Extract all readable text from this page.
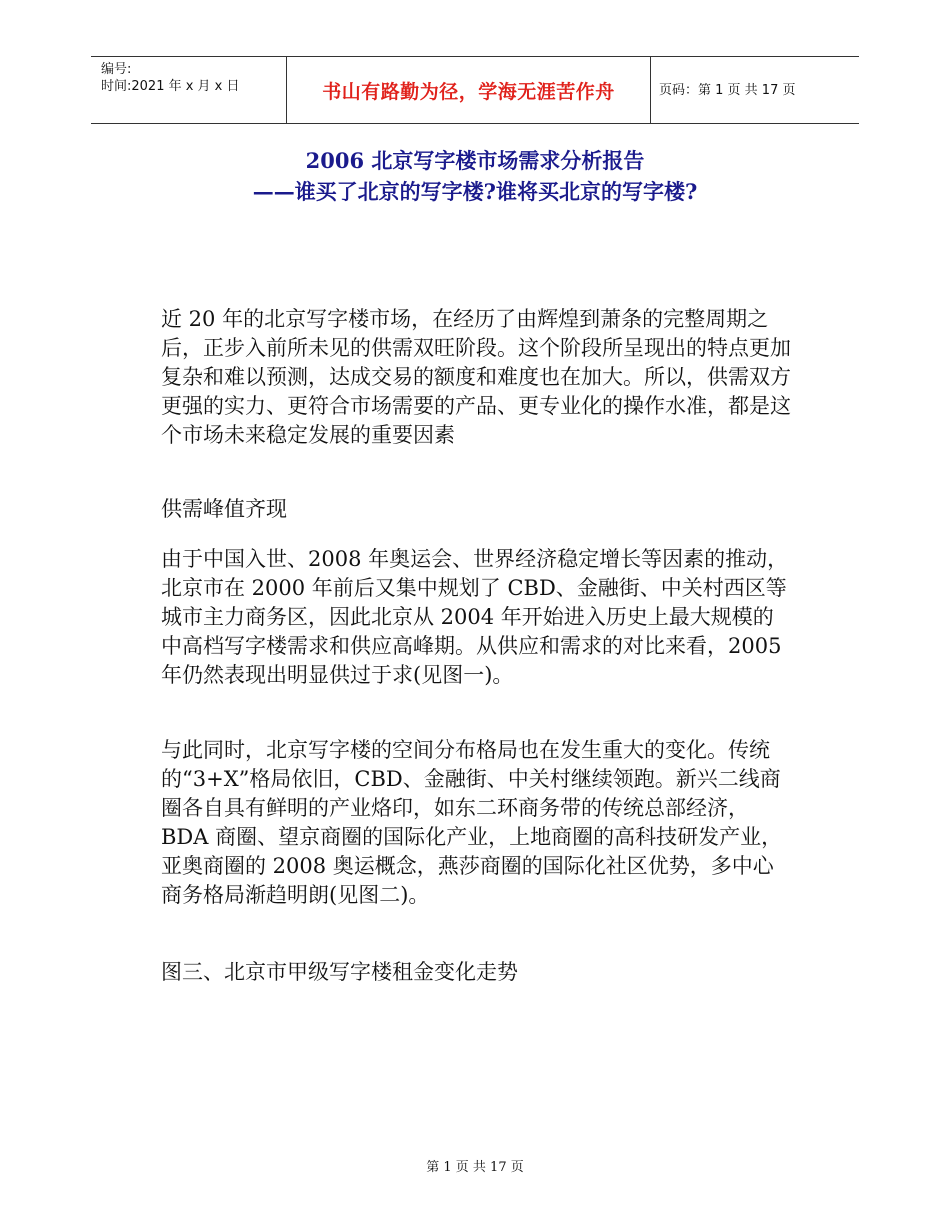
编号:
时间:2021 年 x 月 x 日	书山有路勤为径，学海无涯苦作舟	页码：第 1 页 共 17 页
2006 北京写字楼市场需求分析报告
——谁买了北京的写字楼?谁将买北京的写字楼?
近 20 年的北京写字楼市场，在经历了由辉煌到萧条的完整周期之后，正步入前所未见的供需双旺阶段。这个阶段所呈现出的特点更加复杂和难以预测，达成交易的额度和难度也在加大。所以，供需双方更强的实力、更符合市场需要的产品、更专业化的操作水准，都是这个市场未来稳定发展的重要因素
供需峰值齐现
由于中国入世、2008 年奥运会、世界经济稳定增长等因素的推动，北京市在 2000 年前后又集中规划了 CBD、金融街、中关村西区等城市主力商务区，因此北京从 2004 年开始进入历史上最大规模的中高档写字楼需求和供应高峰期。从供应和需求的对比来看，2005 年仍然表现出明显供过于求(见图一)。
与此同时，北京写字楼的空间分布格局也在发生重大的变化。传统的“3+X”格局依旧，CBD、金融街、中关村继续领跑。新兴二线商圈各自具有鲜明的产业烙印，如东二环商务带的传统总部经济，BDA 商圈、望京商圈的国际化产业，上地商圈的高科技研发产业，亚奥商圈的 2008 奥运概念，燕莎商圈的国际化社区优势，多中心商务格局渐趋明朗(见图二)。
图三、北京市甲级写字楼租金变化走势
第 1 页 共 17 页
